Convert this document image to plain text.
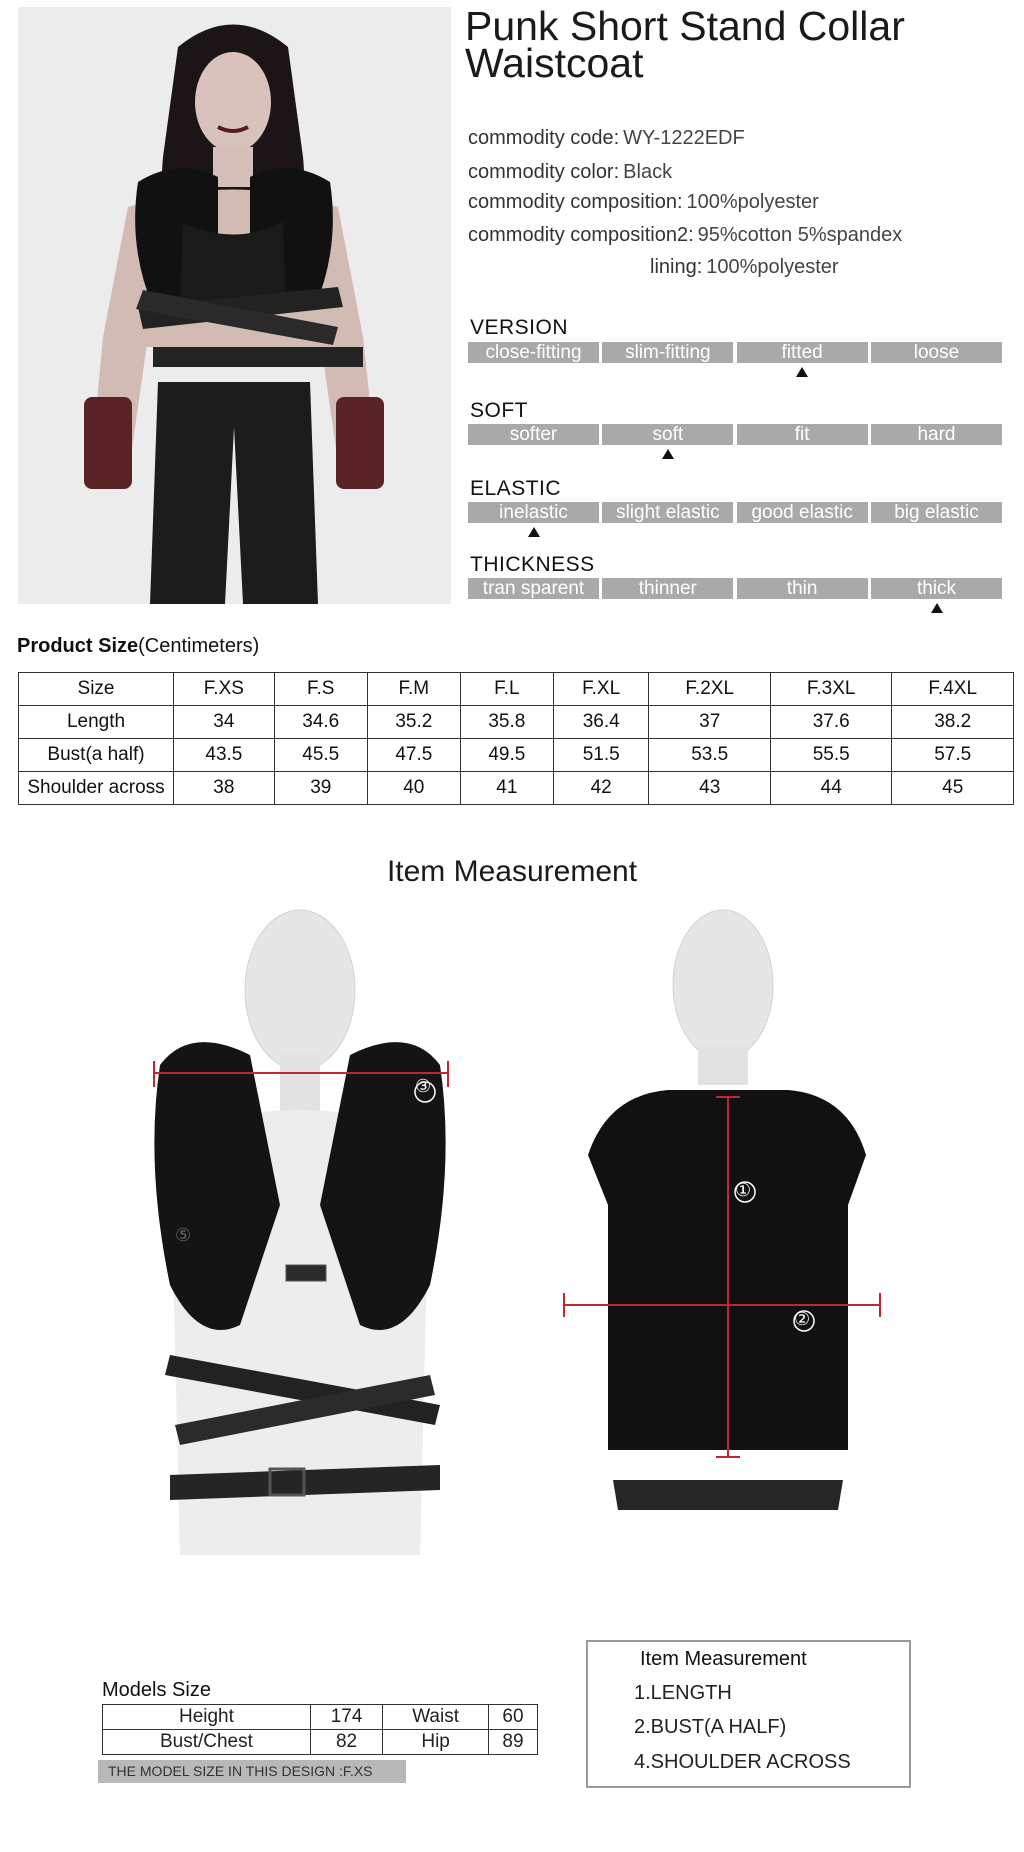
Punk Short Stand Collar
Waistcoat
commodity code: WY-1222EDF
commodity color: Black
commodity composition: 100%polyester
commodity composition2: 95%cotton 5%spandex
lining: 100%polyester
VERSION
close-fitting	slim-fitting	fitted	loose
SOFT
softer	soft	fit	hard
ELASTIC
inelastic	slight elastic	good elastic	big elastic
THICKNESS
tran sparent	thinner	thin	thick
Product Size(Centimeters)
Size	F.XS	F.S	F.M	F.L	F.XL	F.2XL	F.3XL	F.4XL
Length	34	34.6	35.2	35.8	36.4	37	37.6	38.2
Bust(a half)	43.5	45.5	47.5	49.5	51.5	53.5	55.5	57.5
Shoulder across	38	39	40	41	42	43	44	45
Item Measurement
③
⑤
①
②
Models Size
Height	174	Waist	60
Bust/Chest	82	Hip	89
THE MODEL SIZE IN THIS DESIGN :F.XS
Item Measurement
1.LENGTH
2.BUST(A HALF)
4.SHOULDER ACROSS
